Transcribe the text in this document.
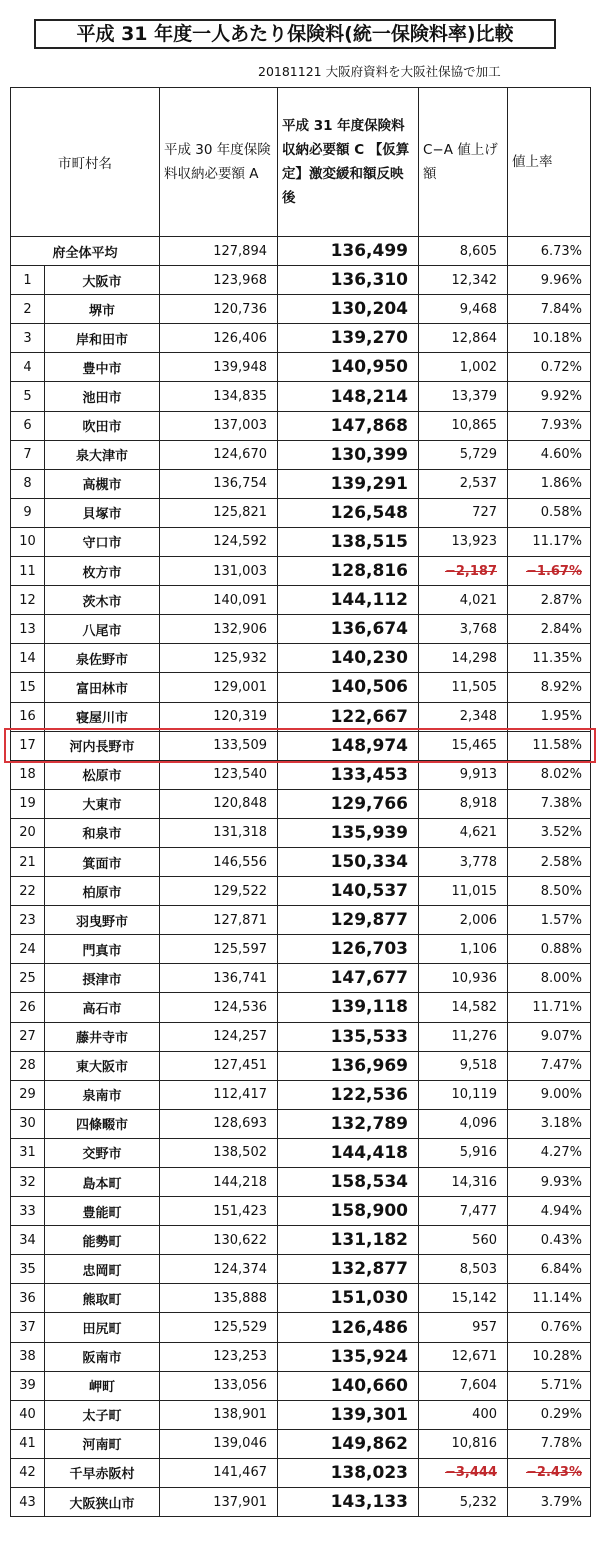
平成 31 年度一人あたり保険料(統一保険料率)比較
20181121 大阪府資料を大阪社保協で加工
市町村名		平成 30 年度保険料収納必要額 A	平成 31 年度保険料収納必要額 C 【仮算定】激変緩和額反映後	C−A 値上げ額	値上率

府全体平均		127,894	136,499	8,605	6.73%
1	大阪市	123,968	136,310	12,342	9.96%
2	堺市	120,736	130,204	9,468	7.84%
3	岸和田市	126,406	139,270	12,864	10.18%
4	豊中市	139,948	140,950	1,002	0.72%
5	池田市	134,835	148,214	13,379	9.92%
6	吹田市	137,003	147,868	10,865	7.93%
7	泉大津市	124,670	130,399	5,729	4.60%
8	高槻市	136,754	139,291	2,537	1.86%
9	貝塚市	125,821	126,548	727	0.58%
10	守口市	124,592	138,515	13,923	11.17%
11	枚方市	131,003	128,816	−2,187	−1.67%
12	茨木市	140,091	144,112	4,021	2.87%
13	八尾市	132,906	136,674	3,768	2.84%
14	泉佐野市	125,932	140,230	14,298	11.35%
15	富田林市	129,001	140,506	11,505	8.92%
16	寝屋川市	120,319	122,667	2,348	1.95%
17	河内長野市	133,509	148,974	15,465	11.58%
18	松原市	123,540	133,453	9,913	8.02%
19	大東市	120,848	129,766	8,918	7.38%
20	和泉市	131,318	135,939	4,621	3.52%
21	箕面市	146,556	150,334	3,778	2.58%
22	柏原市	129,522	140,537	11,015	8.50%
23	羽曳野市	127,871	129,877	2,006	1.57%
24	門真市	125,597	126,703	1,106	0.88%
25	摂津市	136,741	147,677	10,936	8.00%
26	高石市	124,536	139,118	14,582	11.71%
27	藤井寺市	124,257	135,533	11,276	9.07%
28	東大阪市	127,451	136,969	9,518	7.47%
29	泉南市	112,417	122,536	10,119	9.00%
30	四條畷市	128,693	132,789	4,096	3.18%
31	交野市	138,502	144,418	5,916	4.27%
32	島本町	144,218	158,534	14,316	9.93%
33	豊能町	151,423	158,900	7,477	4.94%
34	能勢町	130,622	131,182	560	0.43%
35	忠岡町	124,374	132,877	8,503	6.84%
36	熊取町	135,888	151,030	15,142	11.14%
37	田尻町	125,529	126,486	957	0.76%
38	阪南市	123,253	135,924	12,671	10.28%
39	岬町	133,056	140,660	7,604	5.71%
40	太子町	138,901	139,301	400	0.29%
41	河南町	139,046	149,862	10,816	7.78%
42	千早赤阪村	141,467	138,023	−3,444	−2.43%
43	大阪狭山市	137,901	143,133	5,232	3.79%
